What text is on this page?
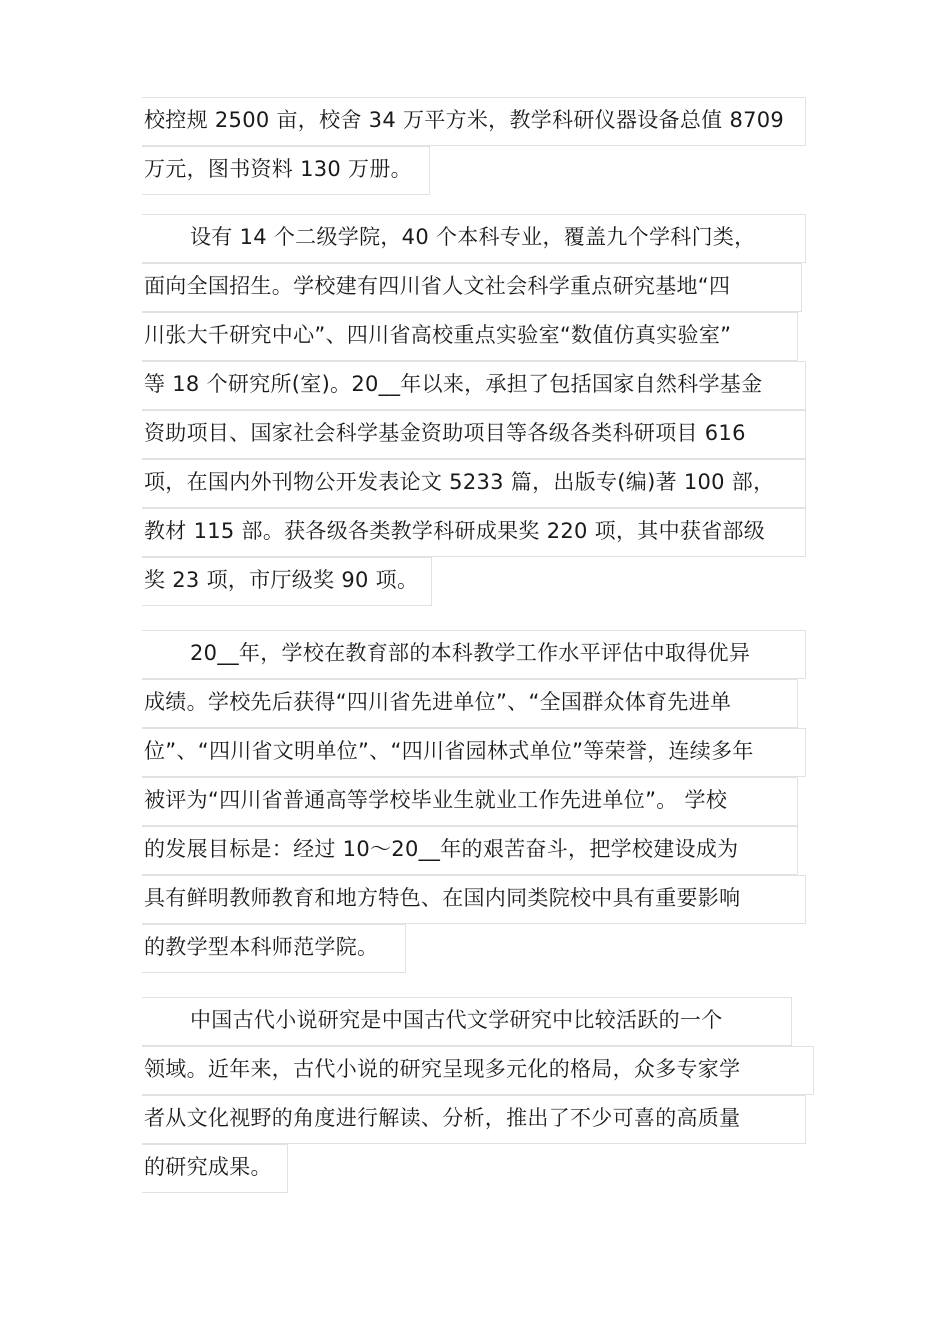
校控规 2500 亩，校舍 34 万平方米，教学科研仪器设备总值 8709
万元，图书资料 130 万册。
设有 14 个二级学院，40 个本科专业，覆盖九个学科门类，
面向全国招生。学校建有四川省人文社会科学重点研究基地“四
川张大千研究中心”、四川省高校重点实验室“数值仿真实验室”
等 18 个研究所(室)。20__年以来，承担了包括国家自然科学基金
资助项目、国家社会科学基金资助项目等各级各类科研项目 616
项，在国内外刊物公开发表论文 5233 篇，出版专(编)著 100 部，
教材 115 部。获各级各类教学科研成果奖 220 项，其中获省部级
奖 23 项，市厅级奖 90 项。
20__年，学校在教育部的本科教学工作水平评估中取得优异
成绩。学校先后获得“四川省先进单位”、“全国群众体育先进单
位”、“四川省文明单位”、“四川省园林式单位”等荣誉，连续多年
被评为“四川省普通高等学校毕业生就业工作先进单位”。 学校
的发展目标是：经过 10～20__年的艰苦奋斗，把学校建设成为
具有鲜明教师教育和地方特色、在国内同类院校中具有重要影响
的教学型本科师范学院。
中国古代小说研究是中国古代文学研究中比较活跃的一个
领域。近年来，古代小说的研究呈现多元化的格局，众多专家学
者从文化视野的角度进行解读、分析，推出了不少可喜的高质量
的研究成果。
